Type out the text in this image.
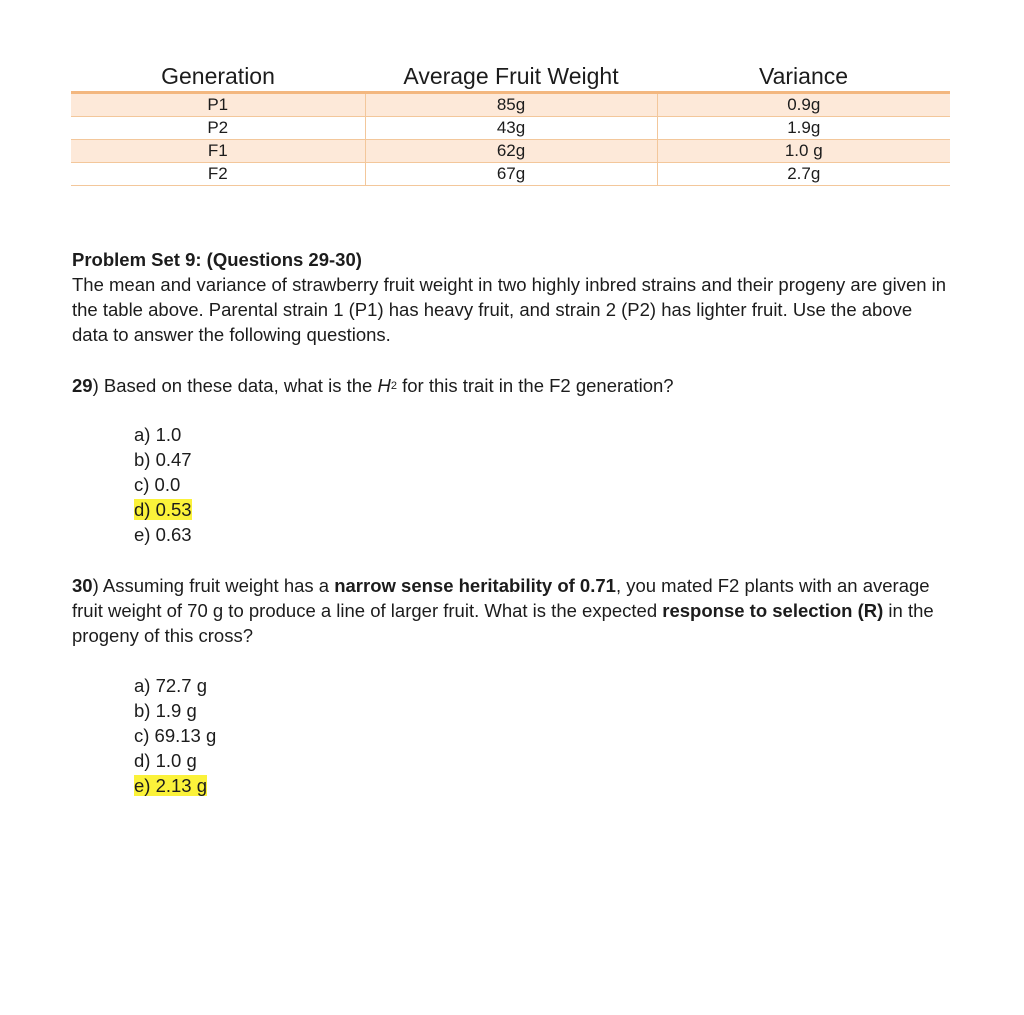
Generation	Average Fruit Weight	Variance
P1	85g	0.9g
P2	43g	1.9g
F1	62g	1.0 g
F2	67g	2.7g
Problem Set 9: (Questions 29-30)
The mean and variance of strawberry fruit weight in two highly inbred strains and their progeny are given in the table above. Parental strain 1 (P1) has heavy fruit, and strain 2 (P2) has lighter fruit. Use the above data to answer the following questions.
29) Based on these data, what is the $H^2$ for this trait in the F2 generation?
a) 1.0
b) 0.47
c) 0.0
d) 0.53
e) 0.63
30) Assuming fruit weight has a narrow sense heritability of 0.71, you mated F2 plants with an average fruit weight of 70 g to produce a line of larger fruit. What is the expected response to selection (R) in the progeny of this cross?
a) 72.7 g
b) 1.9 g
c) 69.13 g
d) 1.0 g
e) 2.13 g
